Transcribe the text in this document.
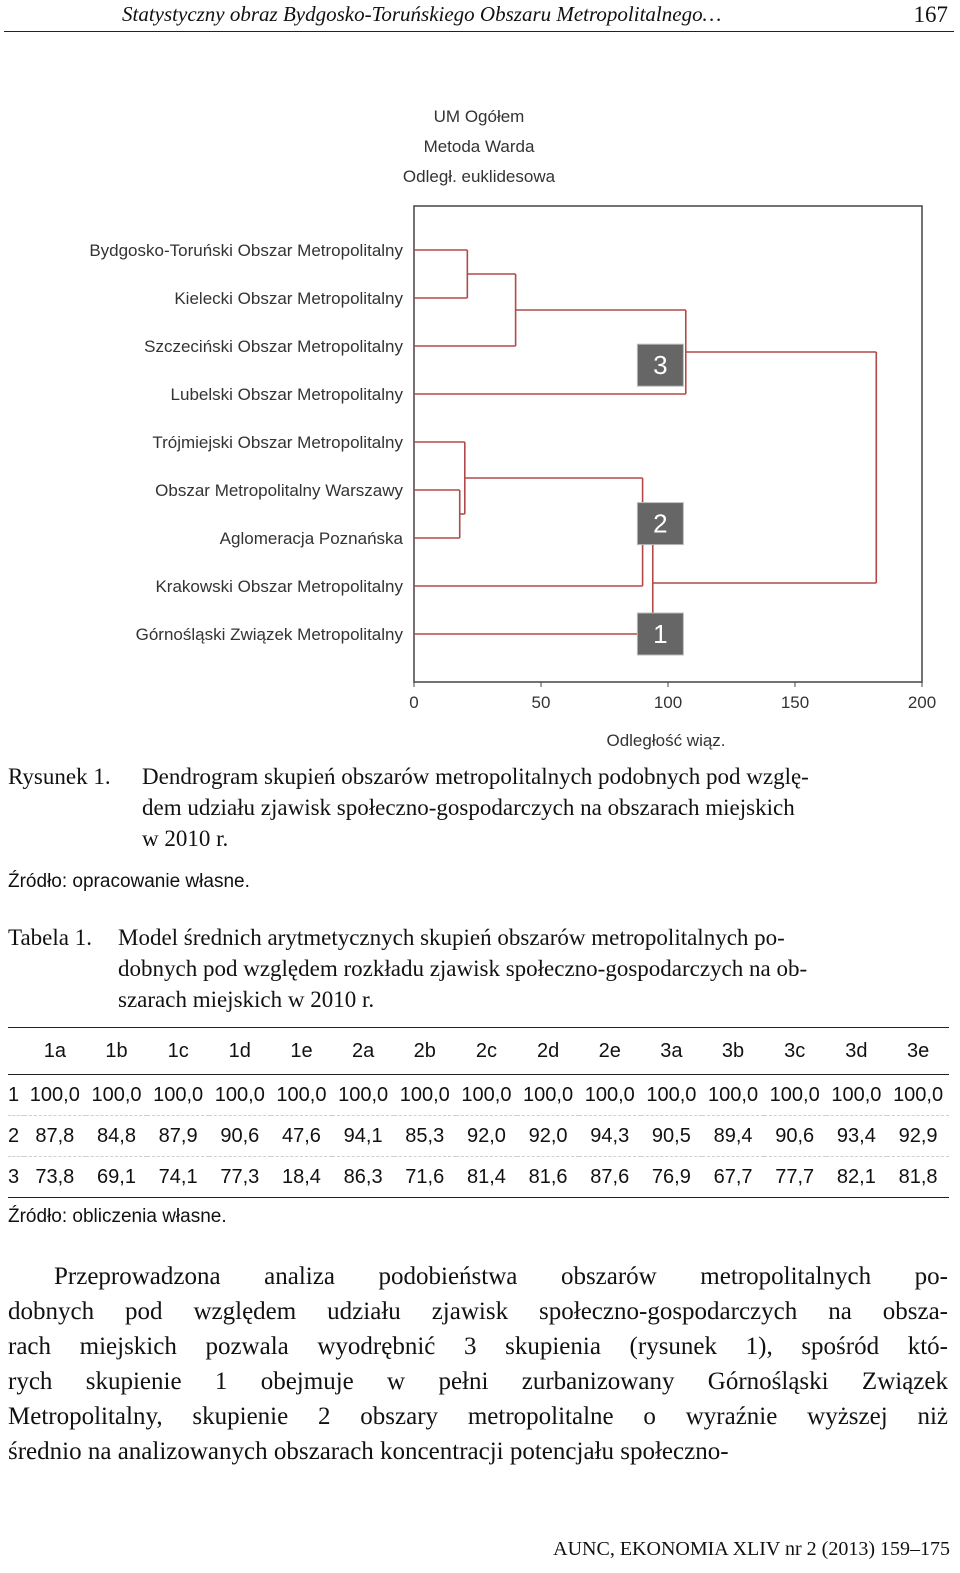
Statystyczny obraz Bydgosko-Toruńskiego Obszaru Metropolitalnego…	167
UM Ogółem
Metoda Warda
Odległ. euklidesowa
Bydgosko-Toruński Obszar Metropolitalny
Kielecki Obszar Metropolitalny
Szczeciński Obszar Metropolitalny
Lubelski Obszar Metropolitalny
Trójmiejski Obszar Metropolitalny
Obszar Metropolitalny Warszawy
Aglomeracja Poznańska
Krakowski Obszar Metropolitalny
Górnośląski Związek Metropolitalny
3
2
1
0	50	100	150	200
Odległość wiąz.
Rysunek 1. Dendrogram skupień obszarów metropolitalnych podobnych pod wzglę-
dem udziału zjawisk społeczno-gospodarczych na obszarach miejskich
w 2010 r.
Źródło: opracowanie własne.
Tabela 1. Model średnich arytmetycznych skupień obszarów metropolitalnych po-
dobnych pod względem rozkładu zjawisk społeczno-gospodarczych na ob-
szarach miejskich w 2010 r.
	1a	1b	1c	1d	1e	2a	2b	2c	2d	2e	3a	3b	3c	3d	3e
1	100,0	100,0	100,0	100,0	100,0	100,0	100,0	100,0	100,0	100,0	100,0	100,0	100,0	100,0	100,0
2	87,8	84,8	87,9	90,6	47,6	94,1	85,3	92,0	92,0	94,3	90,5	89,4	90,6	93,4	92,9
3	73,8	69,1	74,1	77,3	18,4	86,3	71,6	81,4	81,6	87,6	76,9	67,7	77,7	82,1	81,8
Źródło: obliczenia własne.
Przeprowadzona analiza podobieństwa obszarów metropolitalnych po-
dobnych pod względem udziału zjawisk społeczno-gospodarczych na obsza-
rach miejskich pozwala wyodrębnić 3 skupienia (rysunek 1), spośród któ-
rych skupienie 1 obejmuje w pełni zurbanizowany Górnośląski Związek
Metropolitalny, skupienie 2 obszary metropolitalne o wyraźnie wyższej niż
średnio na analizowanych obszarach koncentracji potencjału społeczno-
AUNC, EKONOMIA XLIV nr 2 (2013) 159–175
